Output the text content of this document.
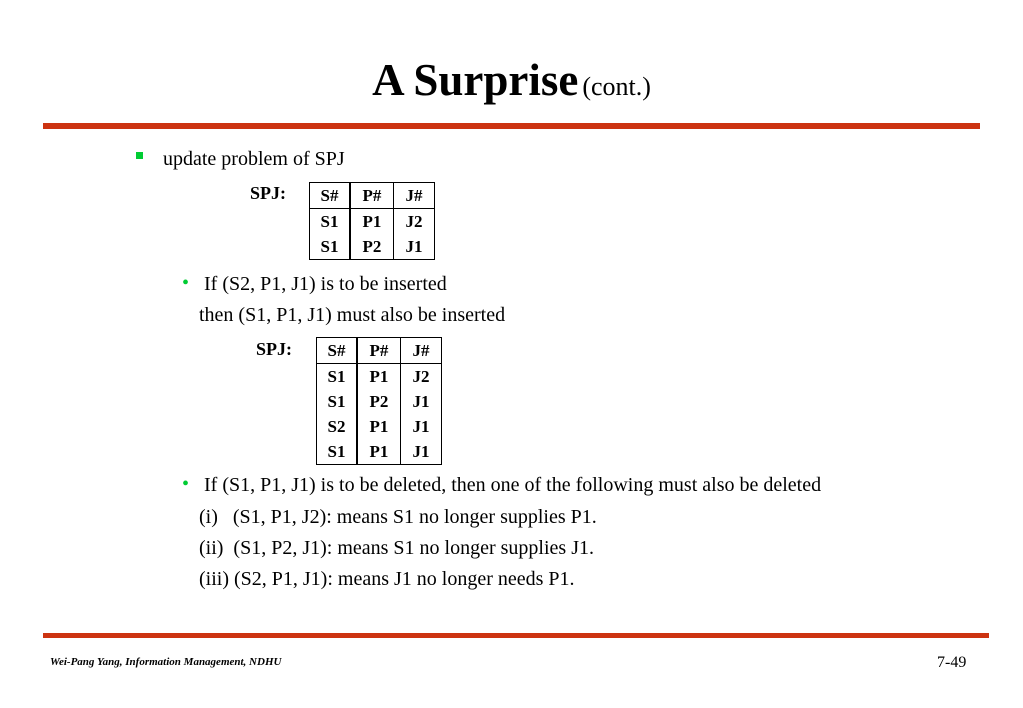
A Surprise (cont.)
update problem of SPJ
SPJ: S#	P#	J#
S1	P1	J2
S1	P2	J1
• If (S2, P1, J1) is to be inserted
then (S1, P1, J1) must also be inserted
SPJ: S#	P#	J#
S1	P1	J2
S1	P2	J1
S2	P1	J1
S1	P1	J1
• If (S1, P1, J1) is to be deleted, then one of the following must also be deleted
(i)   (S1, P1, J2): means S1 no longer supplies P1.
(ii)  (S1, P2, J1): means S1 no longer supplies J1.
(iii) (S2, P1, J1): means J1 no longer needs P1.
Wei-Pang Yang, Information Management, NDHU	7-49
